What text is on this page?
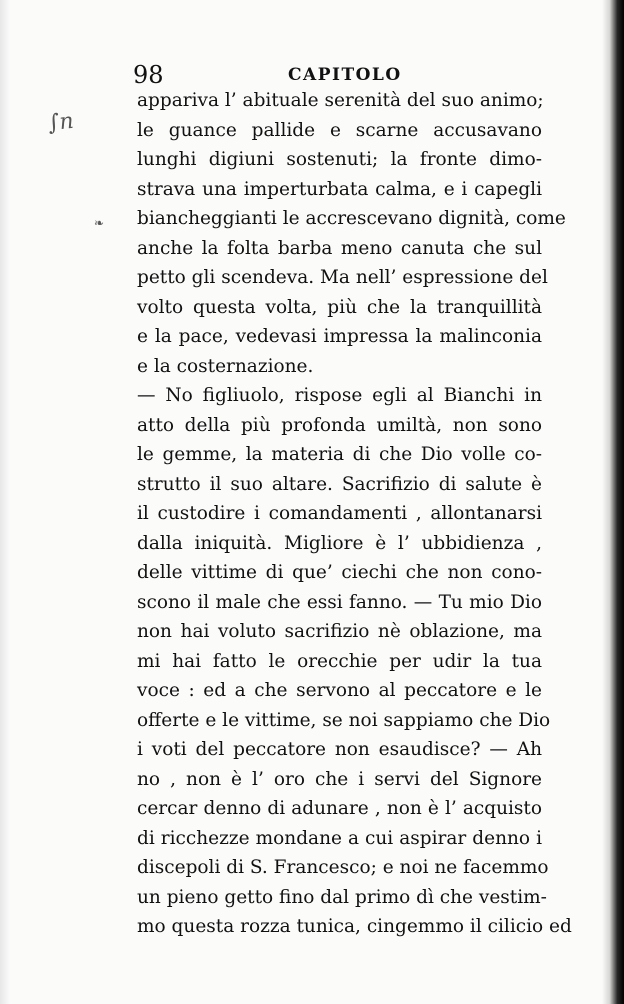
98	CAPITOLO
∫n
❧
appariva l’ abituale serenità del suo animo;
le guance pallide e scarne accusavano
lunghi digiuni sostenuti; la fronte dimo-
strava una imperturbata calma, e i capegli
biancheggianti le accrescevano dignità, come
anche la folta barba meno canuta che sul
petto gli scendeva. Ma nell’ espressione del
volto questa volta, più che la tranquillità
e la pace, vedevasi impressa la malinconia
e la costernazione.
— No figliuolo, rispose egli al Bianchi in
atto della più profonda umiltà, non sono
le gemme, la materia di che Dio volle co-
strutto il suo altare. Sacrifizio di salute è
il custodire i comandamenti , allontanarsi
dalla iniquità. Migliore è l’ ubbidienza ,
delle vittime di que’ ciechi che non cono-
scono il male che essi fanno. — Tu mio Dio
non hai voluto sacrifizio nè oblazione, ma
mi hai fatto le orecchie per udir la tua
voce : ed a che servono al peccatore e le
offerte e le vittime, se noi sappiamo che Dio
i voti del peccatore non esaudisce? — Ah
no , non è l’ oro che i servi del Signore
cercar denno di adunare , non è l’ acquisto
di ricchezze mondane a cui aspirar denno i
discepoli di S. Francesco; e noi ne facemmo
un pieno getto fino dal primo dì che vestim-
mo questa rozza tunica, cingemmo il cilicio ed
